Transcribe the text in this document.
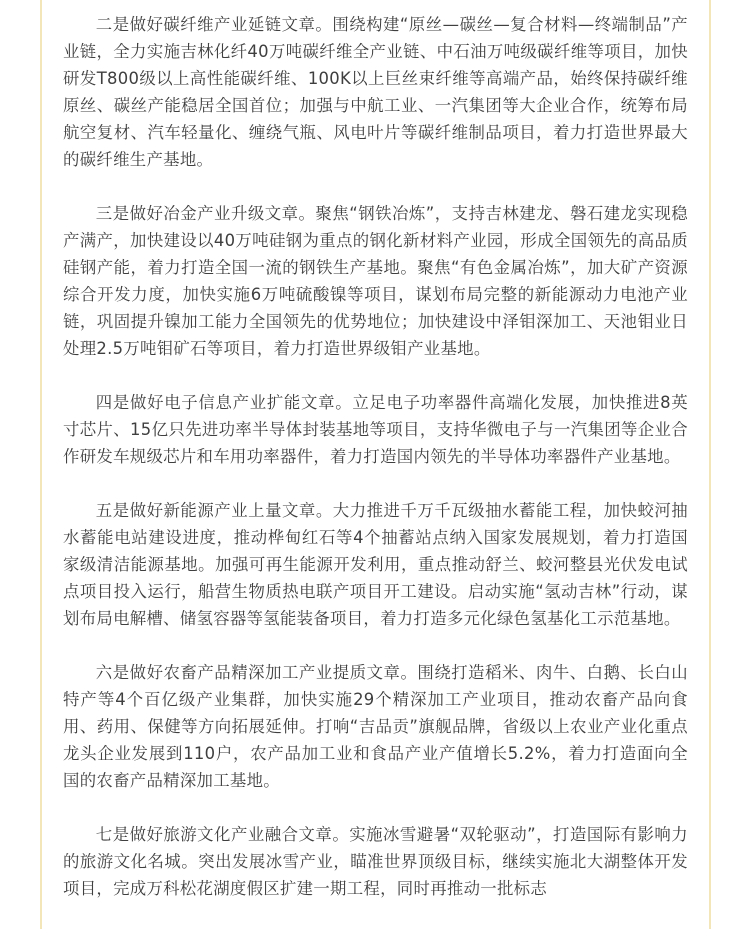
二是做好碳纤维产业延链文章。围绕构建“原丝—碳丝—复合材料—终端制品”产业链，全力实施吉林化纤40万吨碳纤维全产业链、中石油万吨级碳纤维等项目，加快研发T800级以上高性能碳纤维、100K以上巨丝束纤维等高端产品，始终保持碳纤维原丝、碳丝产能稳居全国首位；加强与中航工业、一汽集团等大企业合作，统筹布局航空复材、汽车轻量化、缠绕气瓶、风电叶片等碳纤维制品项目，着力打造世界最大的碳纤维生产基地。

三是做好冶金产业升级文章。聚焦“钢铁冶炼”，支持吉林建龙、磐石建龙实现稳产满产，加快建设以40万吨硅钢为重点的钢化新材料产业园，形成全国领先的高品质硅钢产能，着力打造全国一流的钢铁生产基地。聚焦“有色金属冶炼”，加大矿产资源综合开发力度，加快实施6万吨硫酸镍等项目，谋划布局完整的新能源动力电池产业链，巩固提升镍加工能力全国领先的优势地位；加快建设中泽钼深加工、天池钼业日处理2.5万吨钼矿石等项目，着力打造世界级钼产业基地。

四是做好电子信息产业扩能文章。立足电子功率器件高端化发展，加快推进8英寸芯片、15亿只先进功率半导体封装基地等项目，支持华微电子与一汽集团等企业合作研发车规级芯片和车用功率器件，着力打造国内领先的半导体功率器件产业基地。

五是做好新能源产业上量文章。大力推进千万千瓦级抽水蓄能工程，加快蛟河抽水蓄能电站建设进度，推动桦甸红石等4个抽蓄站点纳入国家发展规划，着力打造国家级清洁能源基地。加强可再生能源开发利用，重点推动舒兰、蛟河整县光伏发电试点项目投入运行，船营生物质热电联产项目开工建设。启动实施“氢动吉林”行动，谋划布局电解槽、储氢容器等氢能装备项目，着力打造多元化绿色氢基化工示范基地。

六是做好农畜产品精深加工产业提质文章。围绕打造稻米、肉牛、白鹅、长白山特产等4个百亿级产业集群，加快实施29个精深加工产业项目，推动农畜产品向食用、药用、保健等方向拓展延伸。打响“吉品贡”旗舰品牌，省级以上农业产业化重点龙头企业发展到110户，农产品加工业和食品产业产值增长5.2%，着力打造面向全国的农畜产品精深加工基地。

七是做好旅游文化产业融合文章。实施冰雪避暑“双轮驱动”，打造国际有影响力的旅游文化名城。突出发展冰雪产业，瞄准世界顶级目标，继续实施北大湖整体开发项目，完成万科松花湖度假区扩建一期工程，同时再推动一批标志
